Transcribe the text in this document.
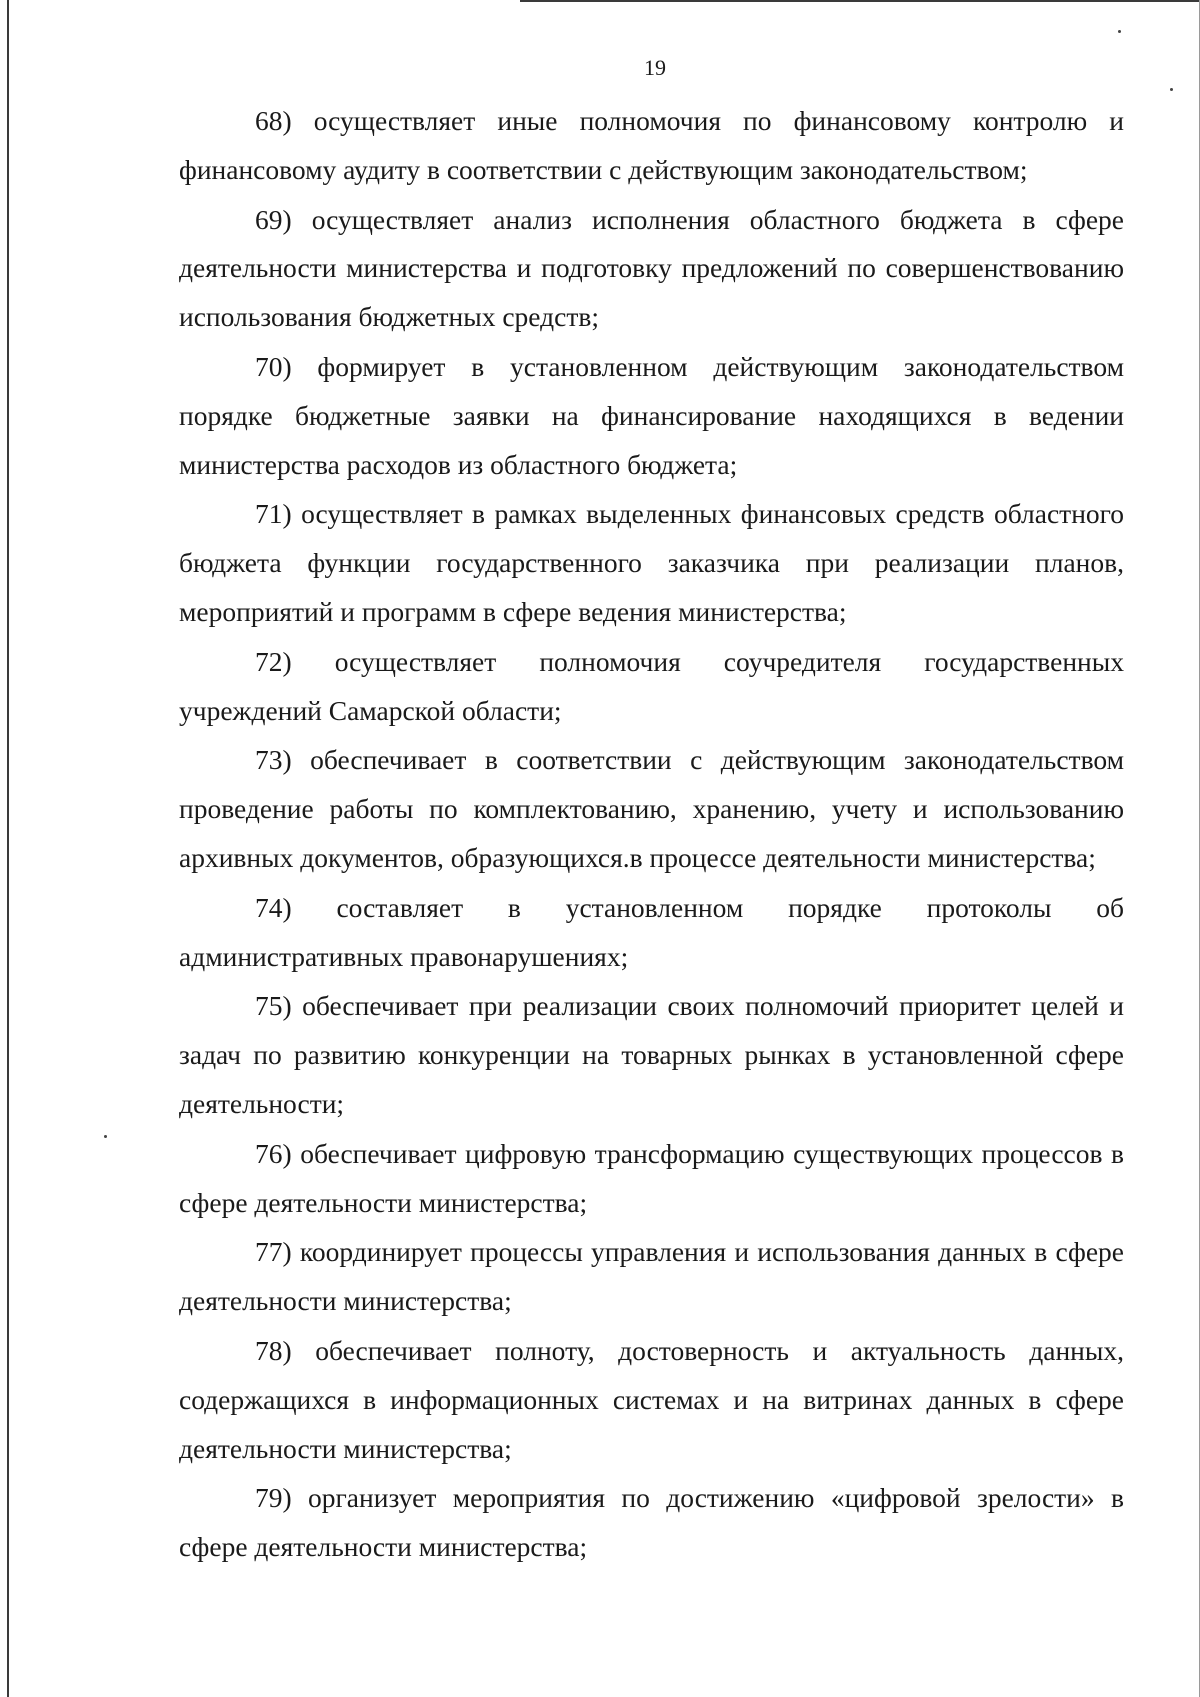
19

68) осуществляет иные полномочия по финансовому контролю и финансовому аудиту в соответствии с действующим законодательством;

69) осуществляет анализ исполнения областного бюджета в сфере деятельности министерства и подготовку предложений по совершенствованию использования бюджетных средств;

70) формирует в установленном действующим законодательством порядке бюджетные заявки на финансирование находящихся в ведении министерства расходов из областного бюджета;

71) осуществляет в рамках выделенных финансовых средств областного бюджета функции государственного заказчика при реализации планов, мероприятий и программ в сфере ведения министерства;

72) осуществляет полномочия соучредителя государственных учреждений Самарской области;

73) обеспечивает в соответствии с действующим законодательством проведение работы по комплектованию, хранению, учету и использованию архивных документов, образующихся.в процессе деятельности министерства;

74) составляет в установленном порядке протоколы об административных правонарушениях;

75) обеспечивает при реализации своих полномочий приоритет целей и задач по развитию конкуренции на товарных рынках в установленной сфере деятельности;

76) обеспечивает цифровую трансформацию существующих процессов в сфере деятельности министерства;

77) координирует процессы управления и использования данных в сфере деятельности министерства;

78) обеспечивает полноту, достоверность и актуальность данных, содержащихся в информационных системах и на витринах данных в сфере деятельности министерства;

79) организует мероприятия по достижению «цифровой зрелости» в сфере деятельности министерства;
